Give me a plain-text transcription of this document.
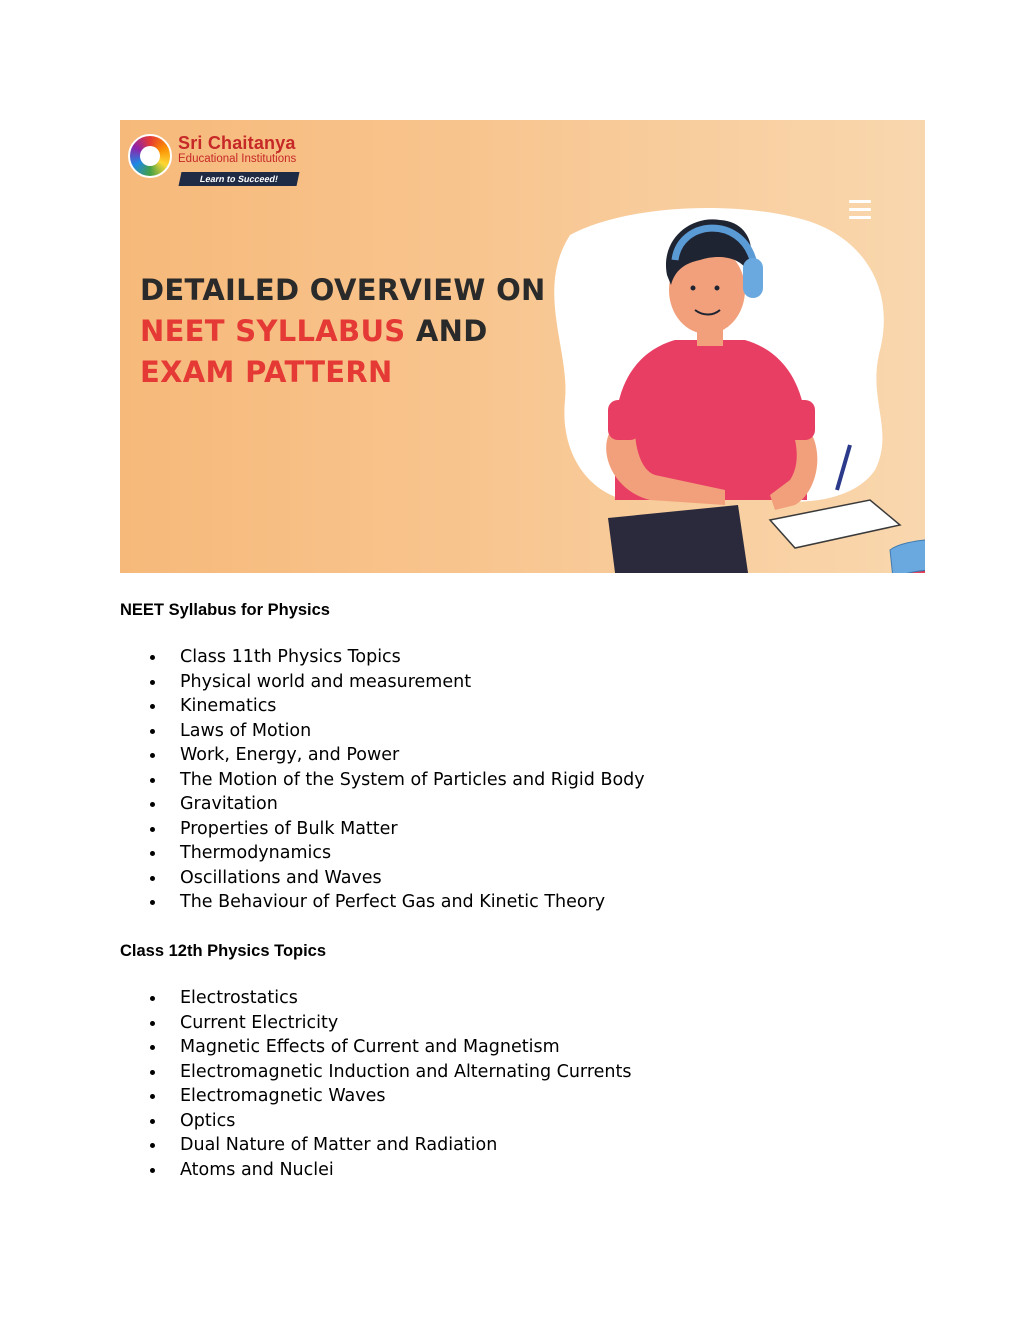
Sri Chaitanya
Educational Institutions
Learn to Succeed!
DETAILED OVERVIEW ON
NEET SYLLABUS AND
EXAM PATTERN
NEET Syllabus for Physics
Class 11th Physics Topics
Physical world and measurement
Kinematics
Laws of Motion
Work, Energy, and Power
The Motion of the System of Particles and Rigid Body
Gravitation
Properties of Bulk Matter
Thermodynamics
Oscillations and Waves
The Behaviour of Perfect Gas and Kinetic Theory
Class 12th Physics Topics
Electrostatics
Current Electricity
Magnetic Effects of Current and Magnetism
Electromagnetic Induction and Alternating Currents
Electromagnetic Waves
Optics
Dual Nature of Matter and Radiation
Atoms and Nuclei
